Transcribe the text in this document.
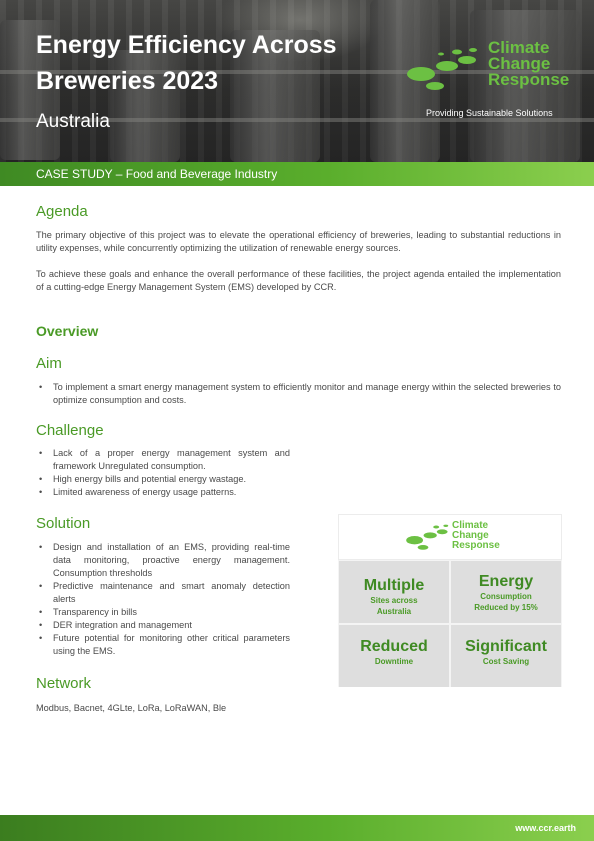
Energy Efficiency Across Breweries 2023
Australia
Climate
Change
Response
Providing Sustainable Solutions
CASE STUDY – Food and Beverage Industry
Agenda
The primary objective of this project was to elevate the operational efficiency of breweries, leading to substantial reductions in utility expenses, while concurrently optimizing the utilization of renewable energy sources.
To achieve these goals and enhance the overall performance of these facilities, the project agenda entailed the implementation of a cutting-edge Energy Management System (EMS) developed by CCR.
Overview
Aim
• To implement a smart energy management system to efficiently monitor and manage energy within the selected breweries to optimize consumption and costs.
Challenge
• Lack of a proper energy management system and framework Unregulated consumption.
• High energy bills and potential energy wastage.
• Limited awareness of energy usage patterns.
Solution
• Design and installation of an EMS, providing real-time data monitoring, proactive energy management. Consumption thresholds
• Predictive maintenance and smart anomaly detection alerts
• Transparency in bills
• DER integration and management
• Future potential for monitoring other critical parameters using the EMS.
Network
Modbus, Bacnet, 4GLte, LoRa, LoRaWAN, Ble
Climate
Change
Response
Multiple
Sites across Australia
Energy
Consumption Reduced by 15%
Reduced
Downtime
Significant
Cost Saving
www.ccr.earth
